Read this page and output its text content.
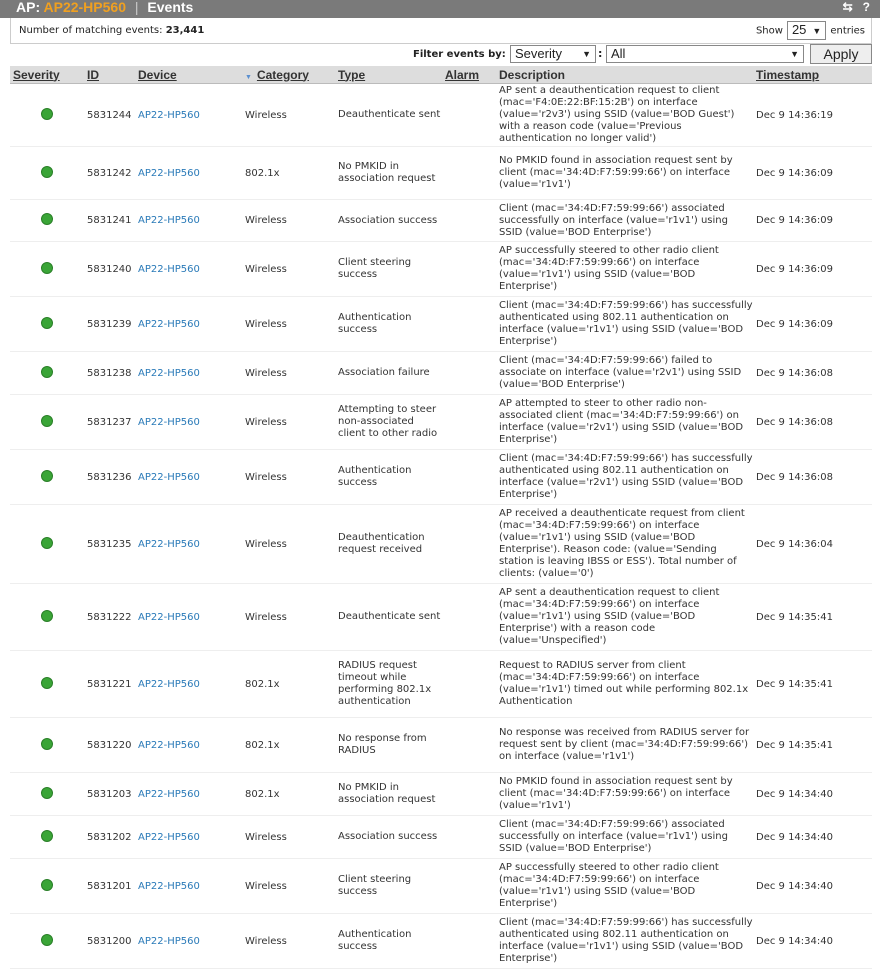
AP: AP22-HP560 | Events	⇆ ?
Number of matching events: 23,441	Show 25 ▼ entries
Filter events by: Severity ▼ : All	▼	Apply
Severity	ID	Device	▼ Category	Type	Alarm	Description	Timestamp
	5831244	AP22-HP560	Wireless	Deauthenticate sent		AP sent a deauthentication request to client (mac='F4:0E:22:BF:15:2B') on interface (value='r2v3') using SSID (value='BOD Guest') with a reason code (value='Previous authentication no longer valid')	Dec 9 14:36:19
	5831242	AP22-HP560	802.1x	No PMKID in association request		No PMKID found in association request sent by client (mac='34:4D:F7:59:99:66') on interface (value='r1v1')	Dec 9 14:36:09
	5831241	AP22-HP560	Wireless	Association success		Client (mac='34:4D:F7:59:99:66') associated successfully on interface (value='r1v1') using SSID (value='BOD Enterprise')	Dec 9 14:36:09
	5831240	AP22-HP560	Wireless	Client steering success		AP successfully steered to other radio client (mac='34:4D:F7:59:99:66') on interface (value='r1v1') using SSID (value='BOD Enterprise')	Dec 9 14:36:09
	5831239	AP22-HP560	Wireless	Authentication success		Client (mac='34:4D:F7:59:99:66') has successfully authenticated using 802.11 authentication on interface (value='r1v1') using SSID (value='BOD Enterprise')	Dec 9 14:36:09
	5831238	AP22-HP560	Wireless	Association failure		Client (mac='34:4D:F7:59:99:66') failed to associate on interface (value='r2v1') using SSID (value='BOD Enterprise')	Dec 9 14:36:08
	5831237	AP22-HP560	Wireless	Attempting to steer non-associated client to other radio		AP attempted to steer to other radio non-associated client (mac='34:4D:F7:59:99:66') on interface (value='r2v1') using SSID (value='BOD Enterprise')	Dec 9 14:36:08
	5831236	AP22-HP560	Wireless	Authentication success		Client (mac='34:4D:F7:59:99:66') has successfully authenticated using 802.11 authentication on interface (value='r2v1') using SSID (value='BOD Enterprise')	Dec 9 14:36:08
	5831235	AP22-HP560	Wireless	Deauthentication request received		AP received a deauthenticate request from client (mac='34:4D:F7:59:99:66') on interface (value='r1v1') using SSID (value='BOD Enterprise'). Reason code: (value='Sending station is leaving IBSS or ESS'). Total number of clients: (value='0')	Dec 9 14:36:04
	5831222	AP22-HP560	Wireless	Deauthenticate sent		AP sent a deauthentication request to client (mac='34:4D:F7:59:99:66') on interface (value='r1v1') using SSID (value='BOD Enterprise') with a reason code (value='Unspecified')	Dec 9 14:35:41
	5831221	AP22-HP560	802.1x	RADIUS request timeout while performing 802.1x authentication		Request to RADIUS server from client (mac='34:4D:F7:59:99:66') on interface (value='r1v1') timed out while performing 802.1x Authentication	Dec 9 14:35:41
	5831220	AP22-HP560	802.1x	No response from RADIUS		No response was received from RADIUS server for request sent by client (mac='34:4D:F7:59:99:66') on interface (value='r1v1')	Dec 9 14:35:41
	5831203	AP22-HP560	802.1x	No PMKID in association request		No PMKID found in association request sent by client (mac='34:4D:F7:59:99:66') on interface (value='r1v1')	Dec 9 14:34:40
	5831202	AP22-HP560	Wireless	Association success		Client (mac='34:4D:F7:59:99:66') associated successfully on interface (value='r1v1') using SSID (value='BOD Enterprise')	Dec 9 14:34:40
	5831201	AP22-HP560	Wireless	Client steering success		AP successfully steered to other radio client (mac='34:4D:F7:59:99:66') on interface (value='r1v1') using SSID (value='BOD Enterprise')	Dec 9 14:34:40
	5831200	AP22-HP560	Wireless	Authentication success		Client (mac='34:4D:F7:59:99:66') has successfully authenticated using 802.11 authentication on interface (value='r1v1') using SSID (value='BOD Enterprise')	Dec 9 14:34:40
